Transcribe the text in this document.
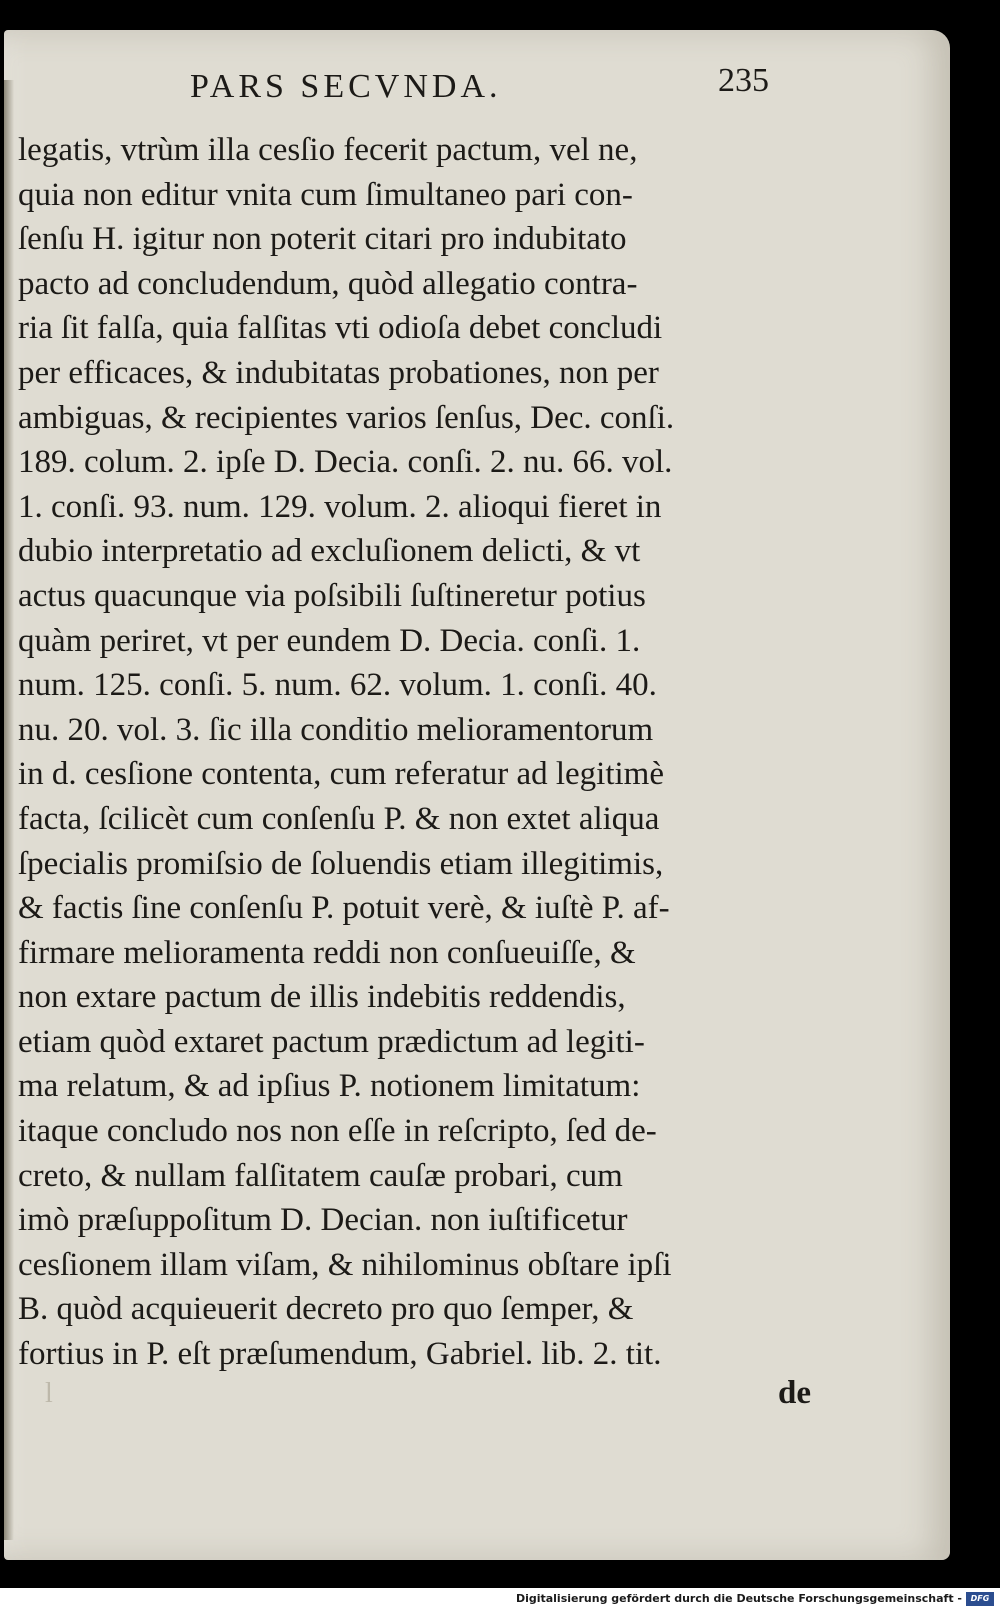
PARS SECVNDA.	235
legatis, vtrùm illa cesſio fecerit pactum, vel ne,
quia non editur vnita cum ſimultaneo pari con-
ſenſu H. igitur non poterit citari pro indubitato
pacto ad concludendum, quòd allegatio contra-
ria ſit falſa, quia falſitas vti odioſa debet concludi
per efficaces, & indubitatas probationes, non per
ambiguas, & recipientes varios ſenſus, Dec. conſi.
189. colum. 2. ipſe D. Decia. conſi. 2. nu. 66. vol.
1. conſi. 93. num. 129. volum. 2. alioqui fieret in
dubio interpretatio ad excluſionem delicti, & vt
actus quacunque via poſsibili ſuſtineretur potius
quàm periret, vt per eundem D. Decia. conſi. 1.
num. 125. conſi. 5. num. 62. volum. 1. conſi. 40.
nu. 20. vol. 3. ſic illa conditio melioramentorum
in d. cesſione contenta, cum referatur ad legitimè
facta, ſcilicèt cum conſenſu P. & non extet aliqua
ſpecialis promiſsio de ſoluendis etiam illegitimis,
& factis ſine conſenſu P. potuit verè, & iuſtè P. af-
firmare melioramenta reddi non conſueuiſſe, &
non extare pactum de illis indebitis reddendis,
etiam quòd extaret pactum prædictum ad legiti-
ma relatum, & ad ipſius P. notionem limitatum:
itaque concludo nos non eſſe in reſcripto, ſed de-
creto, & nullam falſitatem cauſæ probari, cum
imò præſuppoſitum D. Decian. non iuſtificetur
cesſionem illam viſam, & nihilominus obſtare ipſi
B. quòd acquieuerit decreto pro quo ſemper, &
fortius in P. eſt præſumendum, Gabriel. lib. 2. tit.
l	de
Digitalisierung gefördert durch die Deutsche Forschungsgemeinschaft -	DFG
